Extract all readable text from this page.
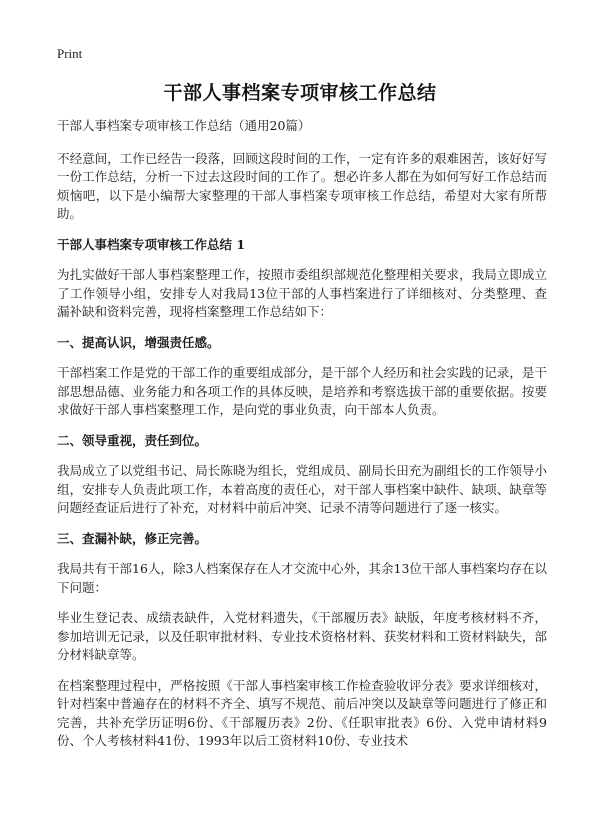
Print
干部人事档案专项审核工作总结

干部人事档案专项审核工作总结（通用20篇）

不经意间，工作已经告一段落，回顾这段时间的工作，一定有许多的艰难困苦，该好好写一份工作总结，分析一下过去这段时间的工作了。想必许多人都在为如何写好工作总结而烦恼吧，以下是小编帮大家整理的干部人事档案专项审核工作总结，希望对大家有所帮助。

干部人事档案专项审核工作总结 1

为扎实做好干部人事档案整理工作，按照市委组织部规范化整理相关要求，我局立即成立了工作领导小组，安排专人对我局13位干部的人事档案进行了详细核对、分类整理、查漏补缺和资料完善，现将档案整理工作总结如下：

一、提高认识，增强责任感。

干部档案工作是党的干部工作的重要组成部分，是干部个人经历和社会实践的记录，是干部思想品德、业务能力和各项工作的具体反映，是培养和考察选拔干部的重要依据。按要求做好干部人事档案整理工作，是向党的事业负责，向干部本人负责。

二、领导重视，责任到位。

我局成立了以党组书记、局长陈晓为组长，党组成员、副局长田充为副组长的工作领导小组，安排专人负责此项工作，本着高度的责任心，对干部人事档案中缺件、缺项、缺章等问题经查证后进行了补充，对材料中前后冲突、记录不清等问题进行了逐一核实。

三、查漏补缺，修正完善。

我局共有干部16人，除3人档案保存在人才交流中心外，其余13位干部人事档案均存在以下问题：

毕业生登记表、成绩表缺件，入党材料遗失，《干部履历表》缺版，年度考核材料不齐，参加培训无记录，以及任职审批材料、专业技术资格材料、获奖材料和工资材料缺失，部分材料缺章等。

在档案整理过程中，严格按照《干部人事档案审核工作检查验收评分表》要求详细核对，针对档案中普遍存在的材料不齐全、填写不规范、前后冲突以及缺章等问题进行了修正和完善，共补充学历证明6份、《干部履历表》2份、《任职审批表》6份、入党申请材料9份、个人考核材料41份、1993年以后工资材料10份、专业技术
